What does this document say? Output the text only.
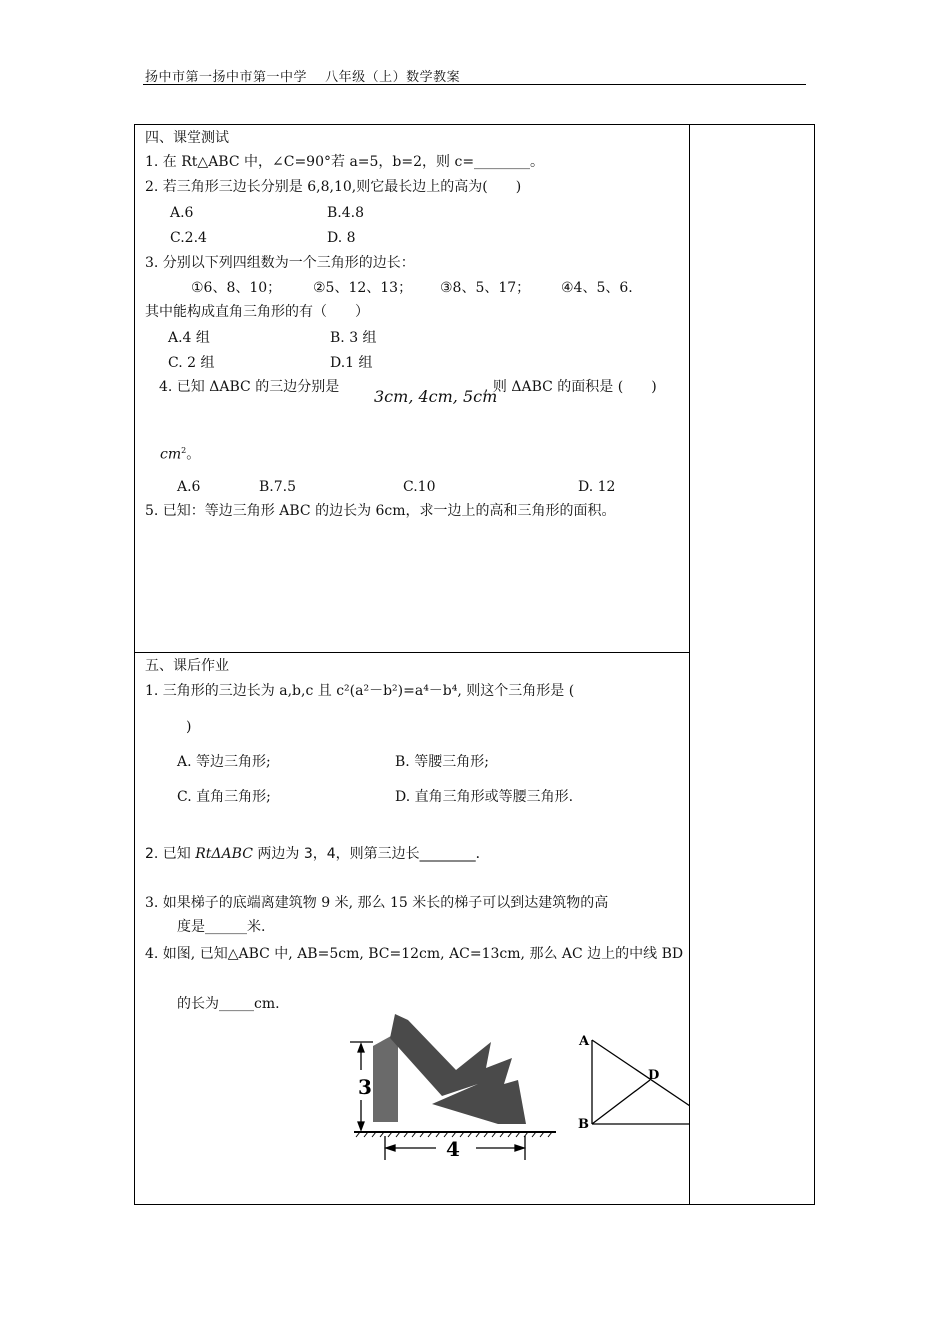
扬中市第一扬中市第一中学　 八年级（上）数学教案
四、课堂测试
1. 在 Rt△ABC 中，∠C=90°若 a=5，b=2，则 c=________。
2. 若三角形三边长分别是 6,8,10,则它最长边上的高为(　　)
A.6	B.4.8
C.2.4	D. 8
3. 分别以下列四组数为一个三角形的边长：
①6、8、10； ②5、12、13； ③8、5、17； ④4、5、6.
其中能构成直角三角形的有（　　）
A.4 组	B. 3 组
C. 2 组	D.1 组
4. 已知 ΔABC 的三边分别是 3cm, 4cm, 5cm
, 则 ΔABC 的面积是 (　　)
$cm^2$。
A.6	B.7.5	C.10	D. 12
5. 已知：等边三角形 ABC 的边长为 6cm，求一边上的高和三角形的面积。
五、课后作业
1. 三角形的三边长为 a,b,c 且 c²(a²－b²)=a⁴－b⁴, 则这个三角形是 (
)
A. 等边三角形;	B. 等腰三角形;
C. 直角三角形;	D. 直角三角形或等腰三角形.
2. 已知 RtΔABC 两边为 3，4，则第三边长________．
3. 如果梯子的底端离建筑物 9 米, 那么 15 米长的梯子可以到达建筑物的高
度是______米.
4. 如图, 已知△ABC 中, AB=5cm, BC=12cm, AC=13cm, 那么 AC 边上的中线 BD
的长为_____cm.
3
4
A
D
B
